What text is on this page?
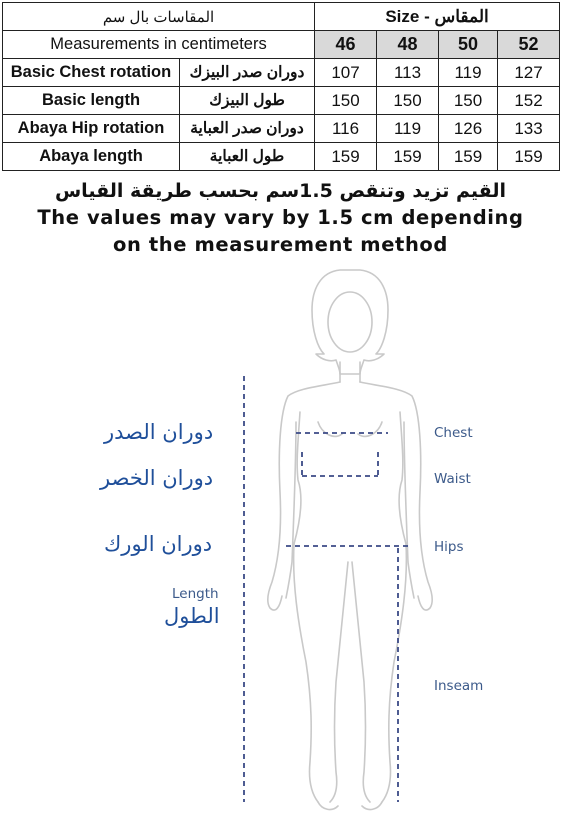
المقاسات بال سم		Size - المقاس			
Measurements in centimeters		46	48	50	52
Basic Chest rotation	دوران صدر البيزك	107	113	119	127
Basic length	طول البيزك	150	150	150	152
Abaya Hip rotation	دوران صدر العباية	116	119	126	133
Abaya length	طول العباية	159	159	159	159

القيم تزيد وتنقص 1.5سم بحسب طريقة القياس

The values may vary by 1.5 cm depending

on the measurement method

دوران الصدر
دوران الخصر
دوران الورك
Length
الطول
Chest
Waist
Hips
Inseam
